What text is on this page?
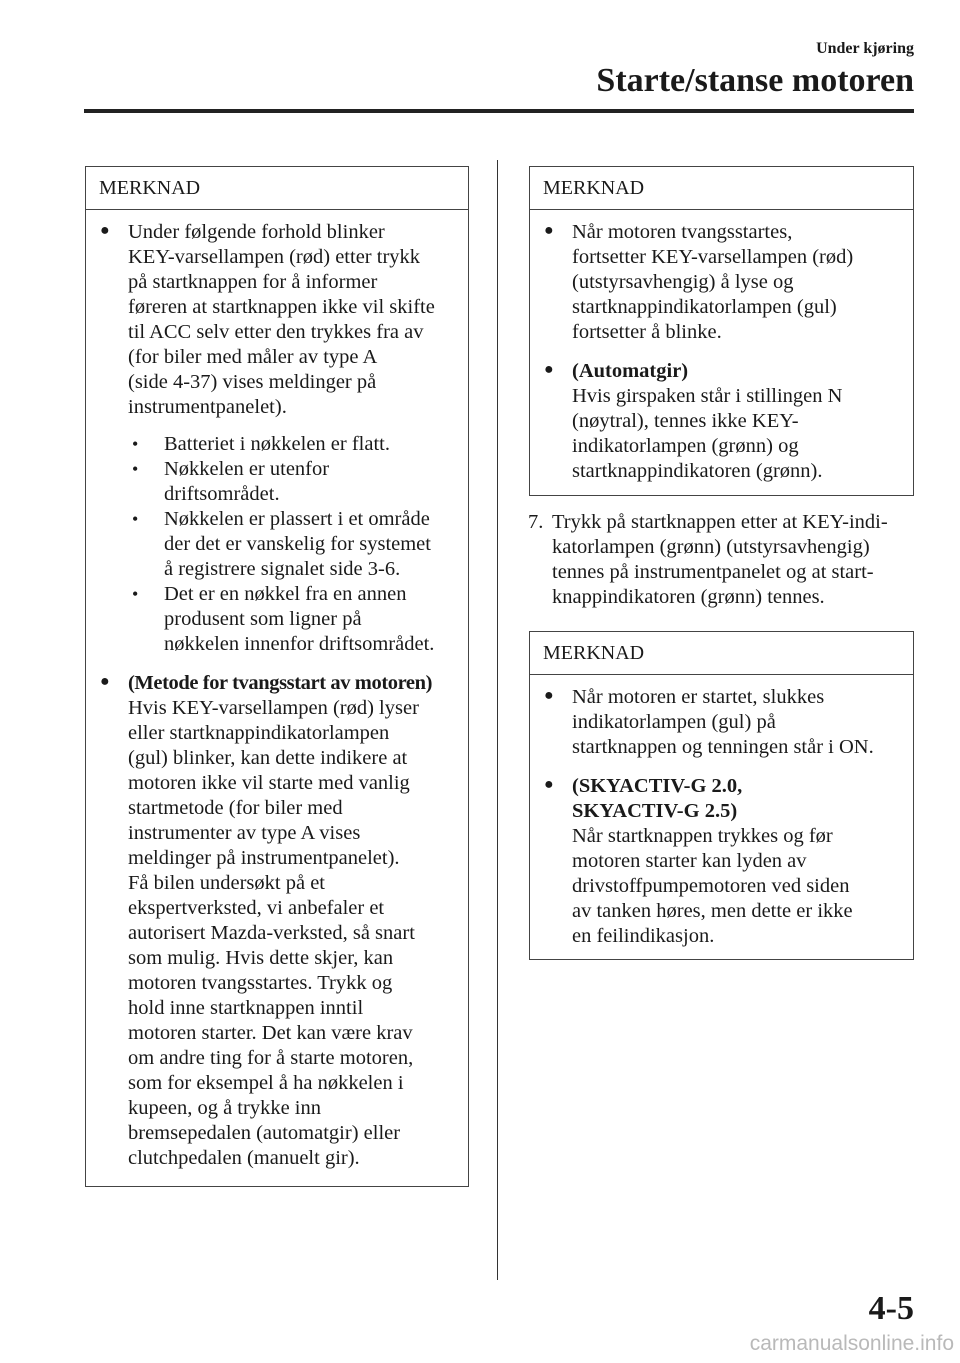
Under kjøring
Starte/stanse motoren
MERKNAD
●
Under følgende forhold blinker
KEY-varsellampen (rød) etter trykk
på startknappen for å informer
føreren at startknappen ikke vil skifte
til ACC selv etter den trykkes fra av
(for biler med måler av type A
(side 4-37) vises meldinger på
instrumentpanelet).
•
Batteriet i nøkkelen er flatt.
•
Nøkkelen er utenfor
driftsområdet.
•
Nøkkelen er plassert i et område
der det er vanskelig for systemet
å registrere signalet side 3-6.
•
Det er en nøkkel fra en annen
produsent som ligner på
nøkkelen innenfor driftsområdet.
●
(Metode for tvangsstart av motoren)
Hvis KEY-varsellampen (rød) lyser
eller startknappindikatorlampen
(gul) blinker, kan dette indikere at
motoren ikke vil starte med vanlig
startmetode (for biler med
instrumenter av type A vises
meldinger på instrumentpanelet).
Få bilen undersøkt på et
ekspertverksted, vi anbefaler et
autorisert Mazda-verksted, så snart
som mulig. Hvis dette skjer, kan
motoren tvangsstartes. Trykk og
hold inne startknappen inntil
motoren starter. Det kan være krav
om andre ting for å starte motoren,
som for eksempel å ha nøkkelen i
kupeen, og å trykke inn
bremsepedalen (automatgir) eller
clutchpedalen (manuelt gir).
MERKNAD
●
Når motoren tvangsstartes,
fortsetter KEY-varsellampen (rød)
(utstyrsavhengig) å lyse og
startknappindikatorlampen (gul)
fortsetter å blinke.
●
(Automatgir)
Hvis girspaken står i stillingen N
(nøytral), tennes ikke KEY-
indikatorlampen (grønn) og
startknappindikatoren (grønn).
7. Trykk på startknappen etter at KEY-indi-
katorlampen (grønn) (utstyrsavhengig)
tennes på instrumentpanelet og at start-
knappindikatoren (grønn) tennes.
MERKNAD
●
Når motoren er startet, slukkes
indikatorlampen (gul) på
startknappen og tenningen står i ON.
●
(SKYACTIV-G 2.0,
SKYACTIV-G 2.5)
Når startknappen trykkes og før
motoren starter kan lyden av
drivstoffpumpemotoren ved siden
av tanken høres, men dette er ikke
en feilindikasjon.
4-5
carmanualsonline.info
